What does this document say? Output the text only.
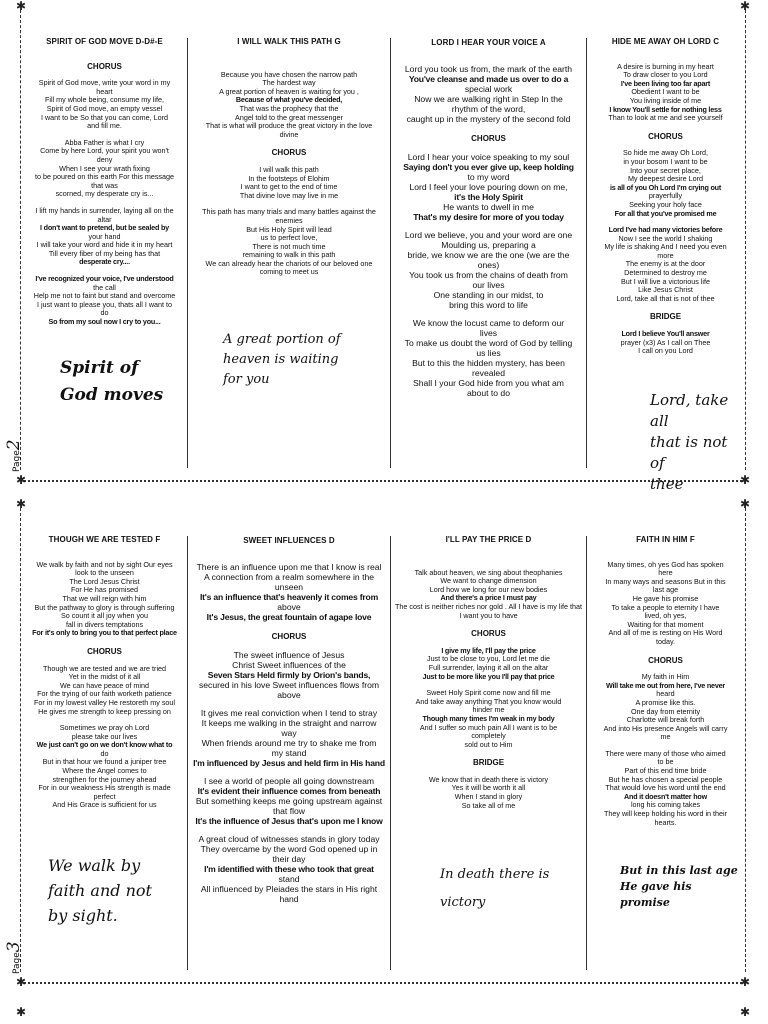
✱	✱
✱	✱
Page2
SPIRIT OF GOD MOVE D-D#-E
CHORUS
Spirit of God move, write your word in my
heart
Fill my whole being, consume my life,
Spirit of God move, an empty vessel
I want to be So that you can come, Lord
and fill me.
Abba Father is what I cry
Come by here Lord, your spirit you won't
deny
When I see your wrath fixing
to be poured on this earth For this message
that was
scorned, my desperate cry is...
I lift my hands in surrender, laying all on the
altar
I don't want to pretend, but be sealed by
your hand
I will take your word and hide it in my heart
Till every fiber of my being has that
desperate cry....
I've recognized your voice, I've understood
the call
Help me not to faint but stand and overcome
I just want to please you, thats all I want to
do
So from my soul now I cry to you...
I WILL WALK THIS PATH G
Because you have chosen the narrow path
The hardest way
A great portion of heaven is waiting for you ,
Because of what you've decided,
That was the prophecy that the
Angel told to the great messenger
That is what will produce the great victory in the love
divine
CHORUS
I will walk this path
In the footsteps of Elohim
I want to get to the end of time
That divine love may live in me
This path has many trials and many battles against the
enemies
But His Holy Spirit will lead
us to perfect love,
There is not much time
remaining to walk in this path
We can already hear the chariots of our beloved one
coming to meet us
LORD I HEAR YOUR VOICE A
Lord you took us from, the mark of the earth
You've cleanse and made us over to do a
special work
Now we are walking right in Step In the
rhythm of the word,
caught up in the mystery of the second fold
CHORUS
Lord I hear your voice speaking to my soul
Saying don't you ever give up, keep holding
to my word
Lord I feel your love pouring down on me,
it's the Holy Spirit
He wants to dwell in me
That's my desire for more of you today
Lord we believe, you and your word are one
Moulding us, preparing a
bride, we know we are the one (we are the
ones)
You took us from the chains of death from
our lives
One standing in our midst, to
bring this word to life
We know the locust came to deform our
lives
To make us doubt the word of God by telling
us lies
But to this the hidden mystery, has been
revealed
Shall I your God hide from you what am
about to do
HIDE ME AWAY OH LORD C
A desire is burning in my heart
To draw closer to you Lord
I've been living too far apart
Obedient I want to be
You living inside of me
I know You'll settle for nothing less
Than to look at me and see yourself
CHORUS
So hide me away Oh Lord,
in your bosom I want to be
Into your secret place,
My deepest desire Lord
is all of you Oh Lord I'm crying out
prayerfully
Seeking your holy face
For all that you've promised me
Lord I've had many victories before
Now I see the world I shaking
My life is shaking And I need you even
more
The enemy is at the door
Determined to destroy me
But I will live a victorious life
Like Jesus Christ
Lord, take all that is not of thee
BRIDGE
Lord I believe You'll answer
prayer (x3) As I call on Thee
I call on you Lord
Spirit of
God moves
A great portion of
heaven is waiting
for you
Lord, take all
that is not of
thee
✱	✱
✱	✱
Page3
THOUGH WE ARE TESTED F
We walk by faith and not by sight Our eyes
look to the unseen
The Lord Jesus Christ
For He has promised
That we will reign with him
But the pathway to glory is through suffering
So count it all joy when you
fall in divers temptations
For it's only to bring you to that perfect place
CHORUS
Though we are tested and we are tried
Yet in the midst of it all
We can have peace of mind
For the trying of our faith worketh patience
For in my lowest valley He restoreth my soul
He gives me strength to keep pressing on
Sometimes we pray oh Lord
please take our lives
We just can't go on we don't know what to
do
But in that hour we found a juniper tree
Where the Angel comes to
strengthen for the journey ahead
For in our weakness His strength is made
perfect
And His Grace is sufficient for us
SWEET INFLUENCES D
There is an influence upon me that I know is real
A connection from a realm somewhere in the
unseen
It's an influence that's heavenly it comes from
above
It's Jesus, the great fountain of agape love
CHORUS
The sweet influence of Jesus
Christ Sweet influences of the
Seven Stars Held firmly by Orion's bands,
secured in his love Sweet influences flows from
above
It gives me real conviction when I tend to stray
It keeps me walking in the straight and narrow
way
When friends around me try to shake me from
my stand
I'm influenced by Jesus and held firm in His hand
I see a world of people all going downstream
It's evident their influence comes from beneath
But something keeps me going upstream against
that flow
It's the influence of Jesus that's upon me I know
A great cloud of witnesses stands in glory today
They overcame by the word God opened up in
their day
I'm identified with these who took that great
stand
All influenced by Pleiades the stars in His right
hand
I'LL PAY THE PRICE D
Talk about heaven, we sing about theophanies
We want to change dimension
Lord how we long for our new bodies
And there's a price I must pay
The cost is neither riches nor gold . All I have is my life that I want you to have
CHORUS
I give my life, I'll pay the price
Just to be close to you, Lord let me die
Full surrender, laying it all on the altar
Just to be more like you I'll pay that price
Sweet Holy Spirit come now and fill me
And take away anything That you know would
hinder me
Though many times I'm weak in my body
And I suffer so much pain All I want is to be
completely
sold out to Him
BRIDGE
We know that in death there is victory
Yes it will be worth it all
When I stand in glory
So take all of me
FAITH IN HIM F
Many times, oh yes God has spoken
here
In many ways and seasons But in this
last age
He gave his promise
To take a people to eternity I have
lived, oh yes,
Waiting for that moment
And all of me is resting on His Word
today.
CHORUS
My faith in Him
Will take me out from here, I've never
heard
A promise like this.
One day from eternity
Charlotte will break forth
And into His presence Angels will carry
me
There were many of those who aimed
to be
Part of this end time bride
But he has chosen a special people
That would love his word until the end
And it doesn't matter how
long his coming takes
They will keep holding his word in their
hearts.
We walk by
faith and not
by sight.
In death there is
victory
But in this last age
He gave his
promise
✱	✱
